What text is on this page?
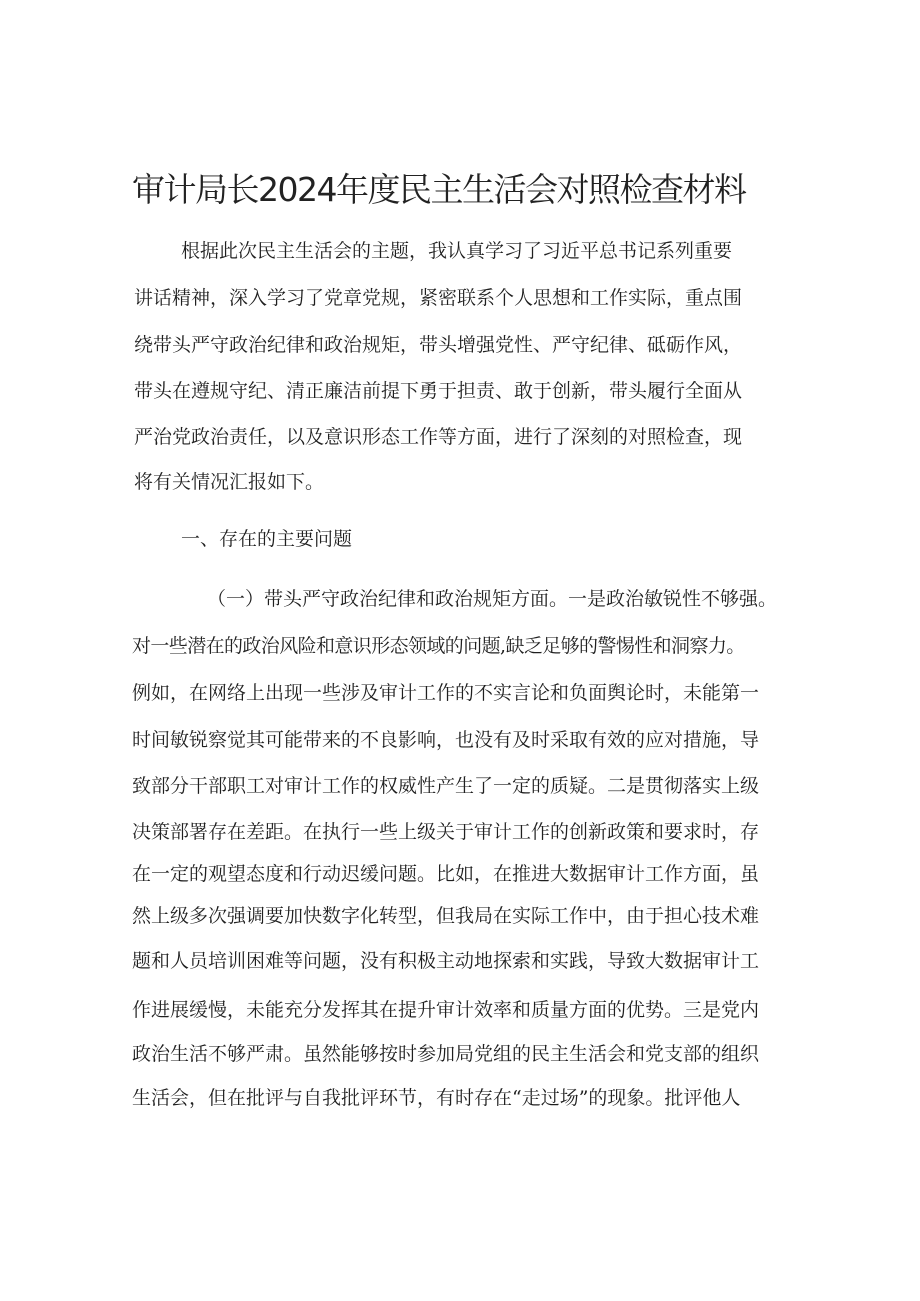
审计局长2024年度民主生活会对照检查材料
根据此次民主生活会的主题，我认真学习了习近平总书记系列重要
讲话精神，深入学习了党章党规，紧密联系个人思想和工作实际，重点围
绕带头严守政治纪律和政治规矩，带头增强党性、严守纪律、砥砺作风，
带头在遵规守纪、清正廉洁前提下勇于担责、敢于创新，带头履行全面从
严治党政治责任，以及意识形态工作等方面，进行了深刻的对照检查，现
将有关情况汇报如下。
一、存在的主要问题
（一）带头严守政治纪律和政治规矩方面。一是政治敏锐性不够强。
对一些潜在的政治风险和意识形态领域的问题,缺乏足够的警惕性和洞察力。
例如，在网络上出现一些涉及审计工作的不实言论和负面舆论时，未能第一
时间敏锐察觉其可能带来的不良影响，也没有及时采取有效的应对措施，导
致部分干部职工对审计工作的权威性产生了一定的质疑。二是贯彻落实上级
决策部署存在差距。在执行一些上级关于审计工作的创新政策和要求时，存
在一定的观望态度和行动迟缓问题。比如，在推进大数据审计工作方面，虽
然上级多次强调要加快数字化转型，但我局在实际工作中，由于担心技术难
题和人员培训困难等问题，没有积极主动地探索和实践，导致大数据审计工
作进展缓慢，未能充分发挥其在提升审计效率和质量方面的优势。三是党内
政治生活不够严肃。虽然能够按时参加局党组的民主生活会和党支部的组织
生活会，但在批评与自我批评环节，有时存在“走过场”的现象。批评他人
